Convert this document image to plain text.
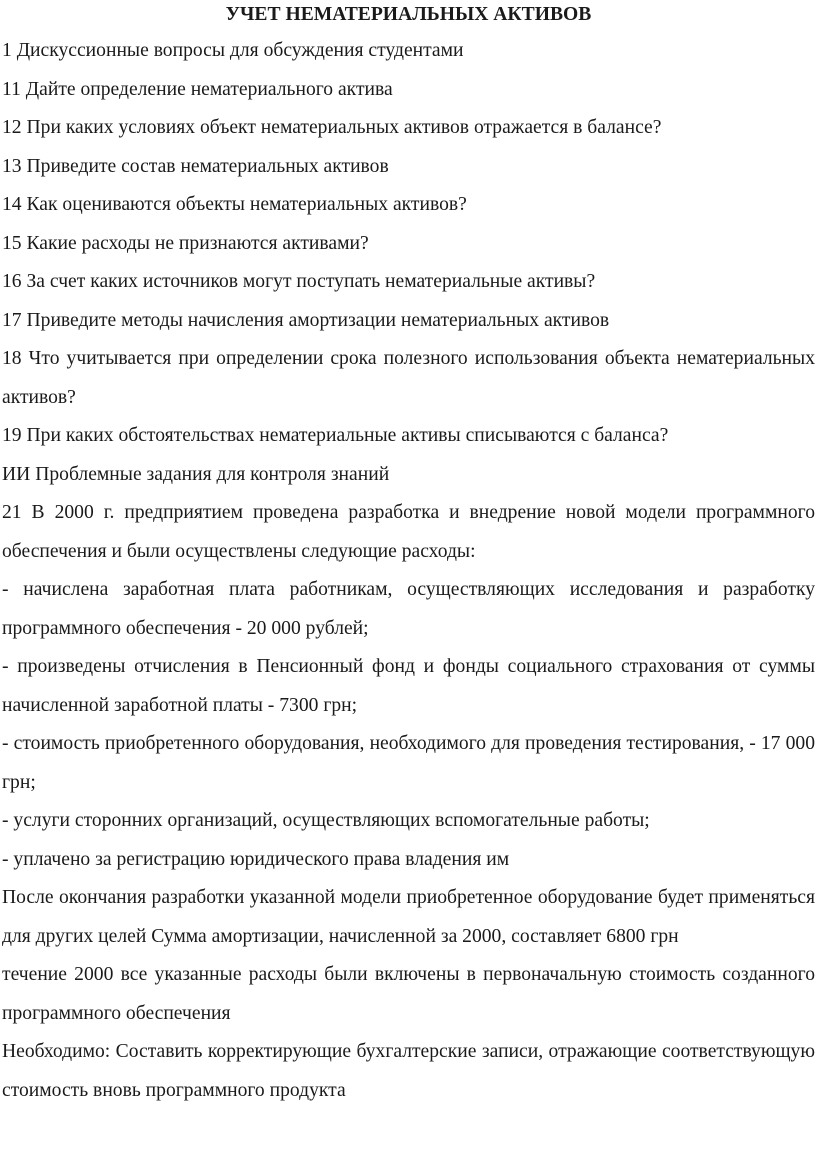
УЧЕТ НЕМАТЕРИАЛЬНЫХ АКТИВОВ

1 Дискуссионные вопросы для обсуждения студентами

11 Дайте определение нематериального актива

12 При каких условиях объект нематериальных активов отражается в балансе?

13 Приведите состав нематериальных активов

14 Как оцениваются объекты нематериальных активов?

15 Какие расходы не признаются активами?

16 За счет каких источников могут поступать нематериальные активы?

17 Приведите методы начисления амортизации нематериальных активов

18 Что учитывается при определении срока полезного использования объекта нематериальных активов?

19 При каких обстоятельствах нематериальные активы списываются с баланса?

ИИ Проблемные задания для контроля знаний

21 В 2000 г. предприятием проведена разработка и внедрение новой модели программного обеспечения и были осуществлены следующие расходы:

- начислена заработная плата работникам, осуществляющих исследования и разработку программного обеспечения - 20 000 рублей;

- произведены отчисления в Пенсионный фонд и фонды социального страхования от суммы начисленной заработной платы - 7300 грн;

- стоимость приобретенного оборудования, необходимого для проведения тестирования, - 17 000 грн;

- услуги сторонних организаций, осуществляющих вспомогательные работы;

- уплачено за регистрацию юридического права владения им

После окончания разработки указанной модели приобретенное оборудование будет применяться для других целей Сумма амортизации, начисленной за 2000, составляет 6800 грн

течение 2000 все указанные расходы были включены в первоначальную стоимость созданного программного обеспечения

Необходимо: Составить корректирующие бухгалтерские записи, отражающие соответствующую стоимость вновь программного продукта
